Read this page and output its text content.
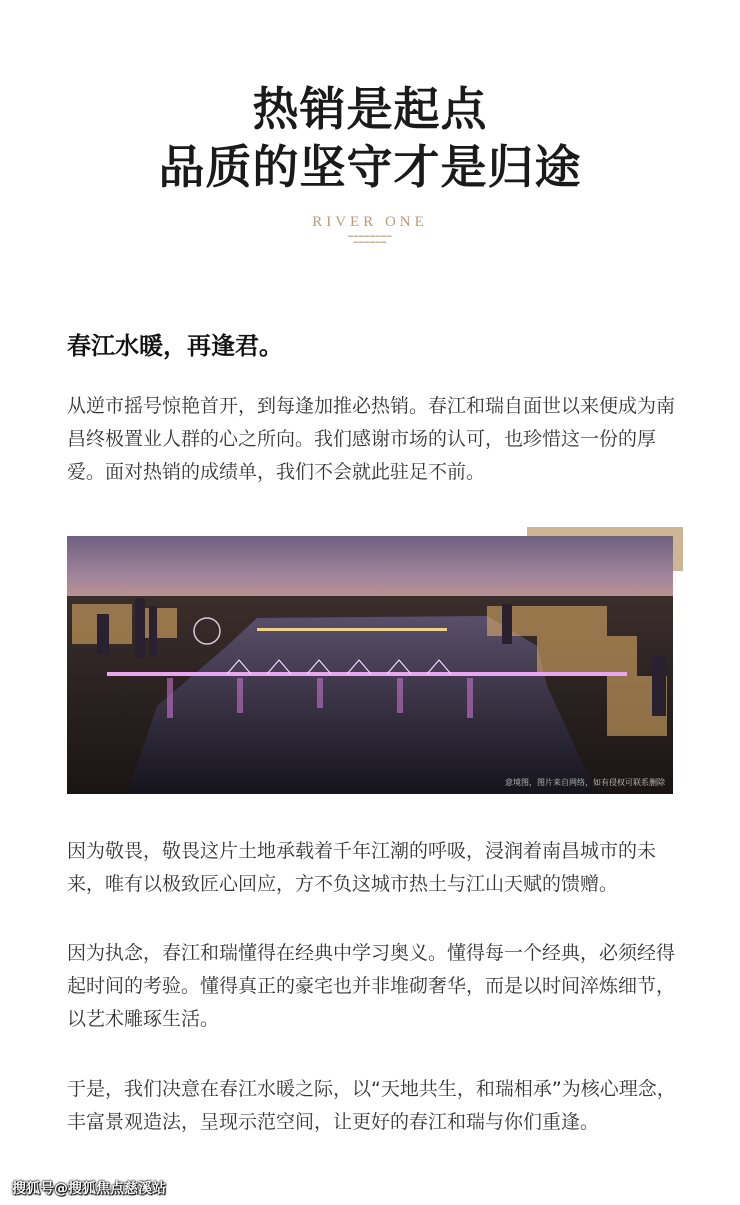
热销是起点
品质的坚守才是归途
RIVER ONE
▬▬▬▬▬▬▬▬
▬▬▬▬▬▬
春江水暖，再逢君。

从逆市摇号惊艳首开，到每逢加推必热销。春江和瑞自面世以来便成为南昌终极置业人群的心之所向。我们感谢市场的认可，也珍惜这一份的厚爱。面对热销的成绩单，我们不会就此驻足不前。

意境图，图片来自网络，如有侵权可联系删除

因为敬畏，敬畏这片土地承载着千年江潮的呼吸，浸润着南昌城市的未来，唯有以极致匠心回应，方不负这城市热土与江山天赋的馈赠。

因为执念，春江和瑞懂得在经典中学习奥义。懂得每一个经典，必须经得起时间的考验。懂得真正的豪宅也并非堆砌奢华，而是以时间淬炼细节，以艺术雕琢生活。

于是，我们决意在春江水暖之际，以“天地共生，和瑞相承”为核心理念，丰富景观造法，呈现示范空间，让更好的春江和瑞与你们重逢。

搜狐号@搜狐焦点慈溪站
